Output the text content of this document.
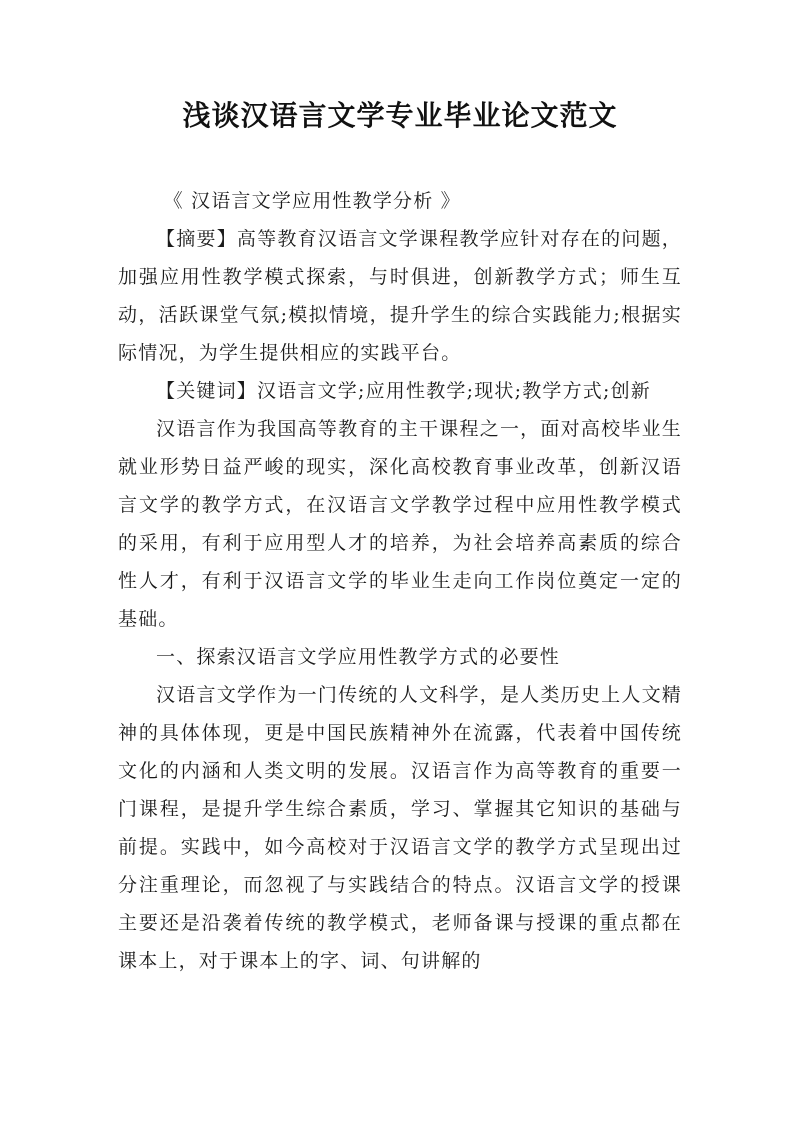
浅谈汉语言文学专业毕业论文范文

《 汉语言文学应用性教学分析 》

【摘要】高等教育汉语言文学课程教学应针对存在的问题，加强应用性教学模式探索，与时俱进，创新教学方式；师生互动，活跃课堂气氛;模拟情境，提升学生的综合实践能力;根据实际情况，为学生提供相应的实践平台。

【关键词】汉语言文学;应用性教学;现状;教学方式;创新

汉语言作为我国高等教育的主干课程之一，面对高校毕业生就业形势日益严峻的现实，深化高校教育事业改革，创新汉语言文学的教学方式，在汉语言文学教学过程中应用性教学模式的采用，有利于应用型人才的培养，为社会培养高素质的综合性人才，有利于汉语言文学的毕业生走向工作岗位奠定一定的基础。

一、探索汉语言文学应用性教学方式的必要性

汉语言文学作为一门传统的人文科学，是人类历史上人文精神的具体体现，更是中国民族精神外在流露，代表着中国传统文化的内涵和人类文明的发展。汉语言作为高等教育的重要一门课程，是提升学生综合素质，学习、掌握其它知识的基础与前提。实践中，如今高校对于汉语言文学的教学方式呈现出过分注重理论，而忽视了与实践结合的特点。汉语言文学的授课主要还是沿袭着传统的教学模式，老师备课与授课的重点都在课本上，对于课本上的字、词、句讲解的
